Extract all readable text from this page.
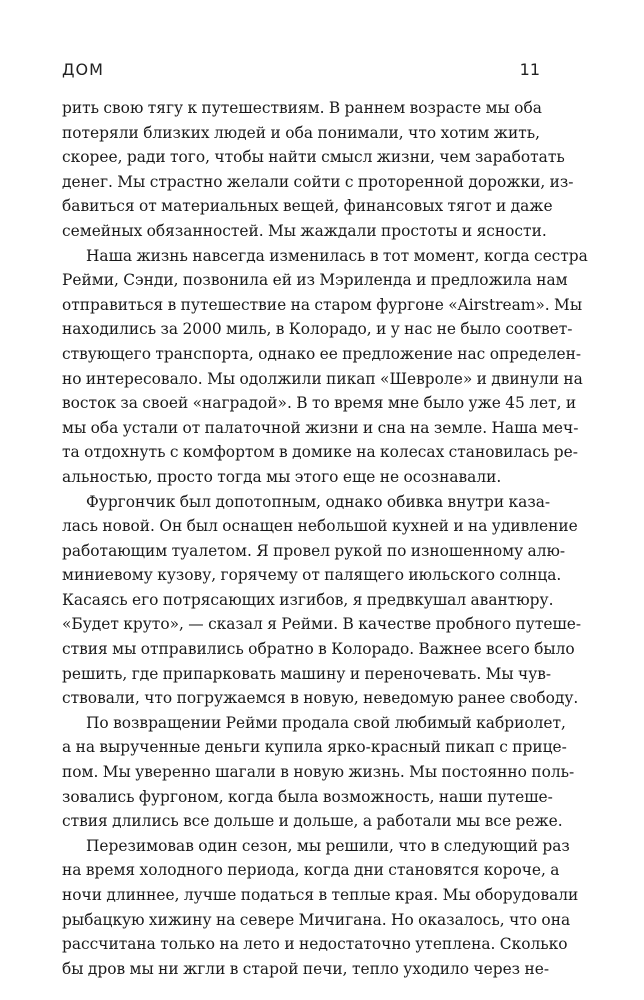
ДОМ	11
рить свою тягу к путешествиям. В раннем возрасте мы оба
потеряли близких людей и оба понимали, что хотим жить,
скорее, ради того, чтобы найти смысл жизни, чем заработать
денег. Мы страстно желали сойти с проторенной дорожки, из-
бавиться от материальных вещей, финансовых тягот и даже
семейных обязанностей. Мы жаждали простоты и ясности.
Наша жизнь навсегда изменилась в тот момент, когда сестра
Рейми, Сэнди, позвонила ей из Мэриленда и предложила нам
отправиться в путешествие на старом фургоне «Airstream». Мы
находились за 2000 миль, в Колорадо, и у нас не было соответ-
ствующего транспорта, однако ее предложение нас определен-
но интересовало. Мы одолжили пикап «Шевроле» и двинули на
восток за своей «наградой». В то время мне было уже 45 лет, и
мы оба устали от палаточной жизни и сна на земле. Наша меч-
та отдохнуть с комфортом в домике на колесах становилась ре-
альностью, просто тогда мы этого еще не осознавали.
Фургончик был допотопным, однако обивка внутри каза-
лась новой. Он был оснащен небольшой кухней и на удивление
работающим туалетом. Я провел рукой по изношенному алю-
миниевому кузову, горячему от палящего июльского солнца.
Касаясь его потрясающих изгибов, я предвкушал авантюру.
«Будет круто», — сказал я Рейми. В качестве пробного путеше-
ствия мы отправились обратно в Колорадо. Важнее всего было
решить, где припарковать машину и переночевать. Мы чув-
ствовали, что погружаемся в новую, неведомую ранее свободу.
По возвращении Рейми продала свой любимый кабриолет,
а на вырученные деньги купила ярко-красный пикап с прице-
пом. Мы уверенно шагали в новую жизнь. Мы постоянно поль-
зовались фургоном, когда была возможность, наши путеше-
ствия длились все дольше и дольше, а работали мы все реже.
Перезимовав один сезон, мы решили, что в следующий раз
на время холодного периода, когда дни становятся короче, а
ночи длиннее, лучше податься в теплые края. Мы оборудовали
рыбацкую хижину на севере Мичигана. Но оказалось, что она
рассчитана только на лето и недостаточно утеплена. Сколько
бы дров мы ни жгли в старой печи, тепло уходило через не-
